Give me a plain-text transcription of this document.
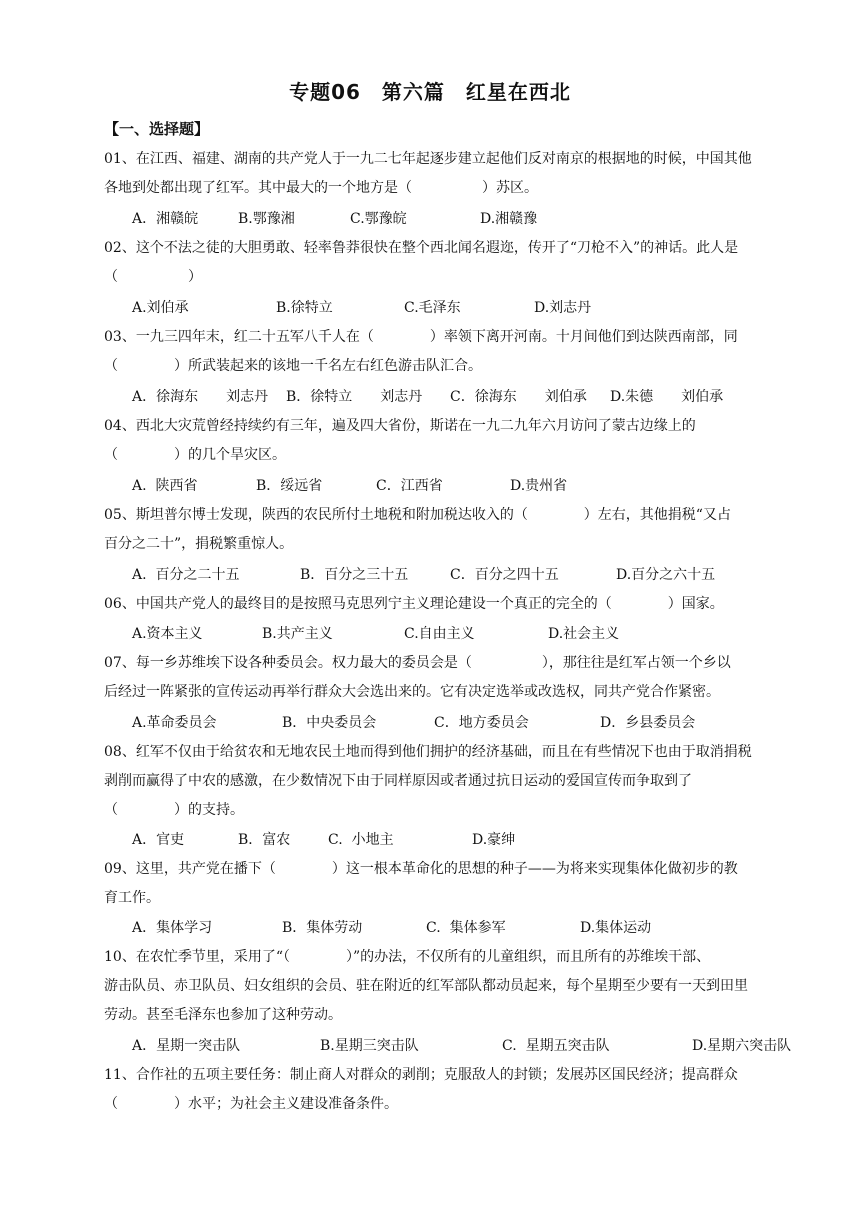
专题06　第六篇　红星在西北
【一、选择题】
01、在江西、福建、湖南的共产党人于一九二七年起逐步建立起他们反对南京的根据地的时候，中国其他
各地到处都出现了红军。其中最大的一个地方是（　　　　　）苏区。

A．湘赣皖

	B.鄂豫湘

	C.鄂豫皖

	D.湘赣豫

02、这个不法之徒的大胆勇敢、轻率鲁莽很快在整个西北闻名遐迩，传开了“刀枪不入”的神话。此人是
（　　　　　）

A.刘伯承

	B.徐特立

	C.毛泽东

	D.刘志丹

03、一九三四年末，红二十五军八千人在（　　　　）率领下离开河南。十月间他们到达陕西南部，同
（　　　　）所武装起来的该地一千名左右红色游击队汇合。

A．徐海东　　刘志丹

B．徐特立　　刘志丹

C．徐海东　　刘伯承

D.朱德　　刘伯承

04、西北大灾荒曾经持续约有三年，遍及四大省份，斯诺在一九二九年六月访问了蒙古边缘上的
（　　　　）的几个旱灾区。

A.  陕西省

	B．绥远省

	C．江西省

	D.贵州省

05、斯坦普尔博士发现，陕西的农民所付土地税和附加税达收入的（　　　　）左右，其他捐税“又占
百分之二十”，捐税繁重惊人。

A.  百分之二十五

	B．百分之三十五

	C．百分之四十五

	D.百分之六十五

06、中国共产党人的最终目的是按照马克思列宁主义理论建设一个真正的完全的（　　　　）国家。

A.资本主义

	B.共产主义

	C.自由主义

	D.社会主义

07、每一乡苏维埃下设各种委员会。权力最大的委员会是（　　　　　），那往往是红军占领一个乡以
后经过一阵紧张的宣传运动再举行群众大会选出来的。它有决定选举或改选权，同共产党合作紧密。

A.革命委员会

	B．中央委员会

	C．地方委员会

	D．乡县委员会

08、红军不仅由于给贫农和无地农民土地而得到他们拥护的经济基础，而且在有些情况下也由于取消捐税
剥削而赢得了中农的感激，在少数情况下由于同样原因或者通过抗日运动的爱国宣传而争取到了
（　　　　）的支持。

A．官吏

	B．富农

	C.  小地主

	D.豪绅

09、这里，共产党在播下（　　　　）这一根本革命化的思想的种子——为将来实现集体化做初步的教
育工作。

A．集体学习

	B．集体劳动

	C.  集体参军

	D.集体运动

10、在农忙季节里，采用了“（　　　　）”的办法，不仅所有的儿童组织，而且所有的苏维埃干部、
游击队员、赤卫队员、妇女组织的会员、驻在附近的红军部队都动员起来，每个星期至少要有一天到田里
劳动。甚至毛泽东也参加了这种劳动。

A．星期一突击队

	B.星期三突击队

	C.  星期五突击队

	D.星期六突击队

11、合作社的五项主要任务：制止商人对群众的剥削；克服敌人的封锁；发展苏区国民经济；提高群众
（　　　　）水平；为社会主义建设准备条件。
